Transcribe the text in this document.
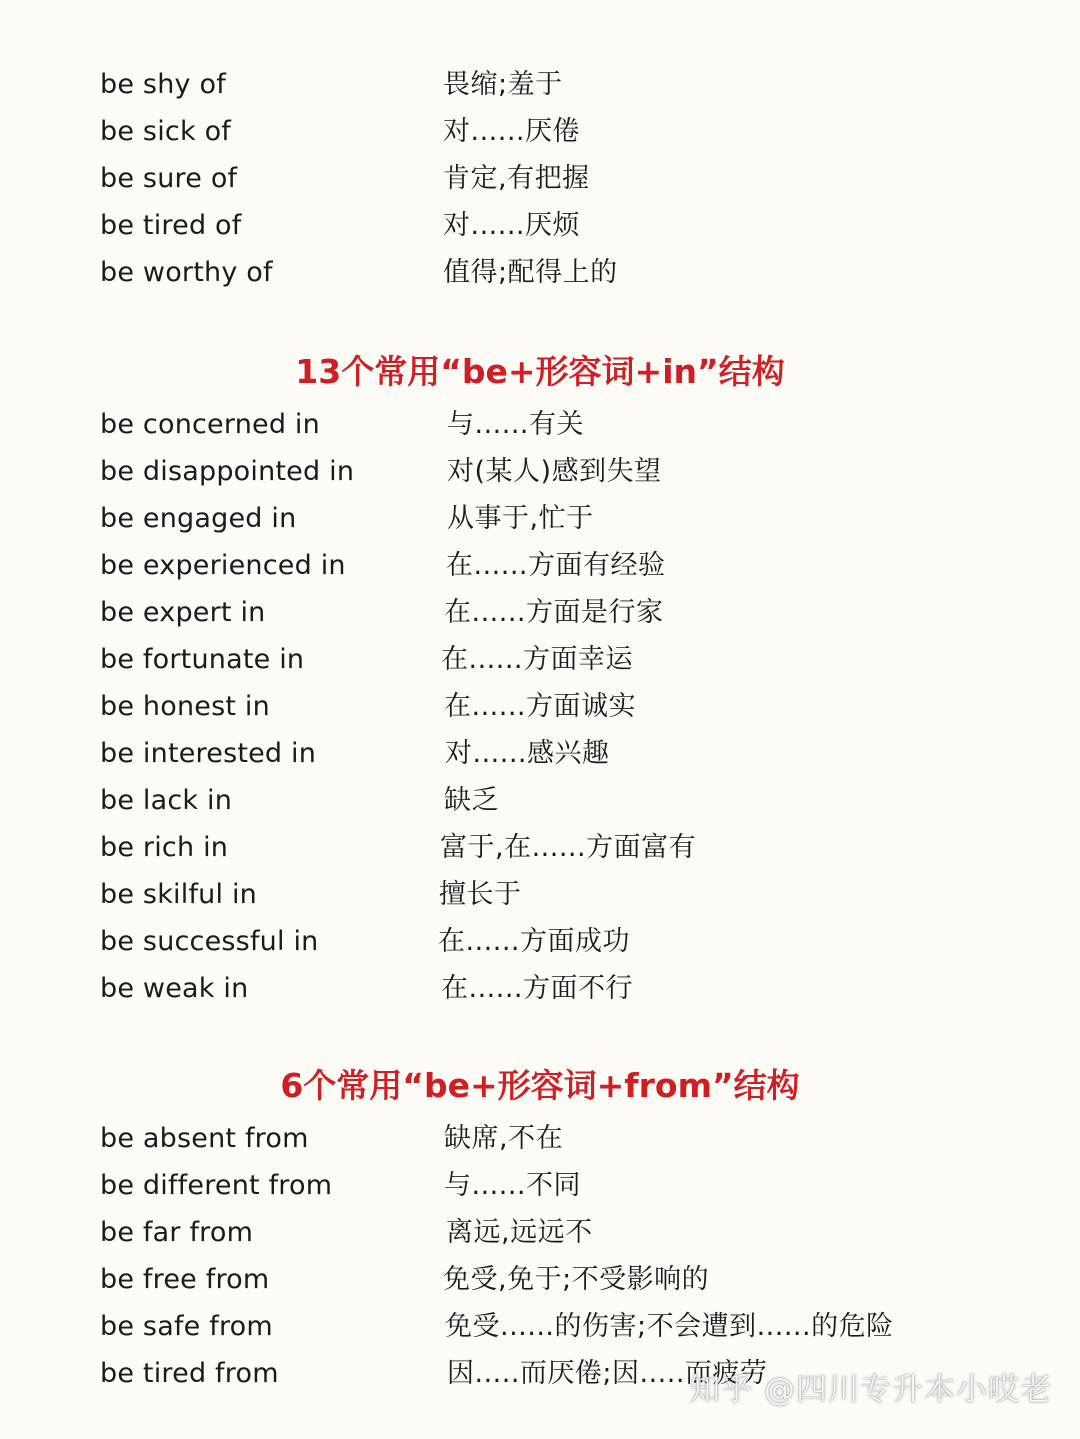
be shy of	畏缩;羞于
be sick of	对......厌倦
be sure of	肯定,有把握
be tired of	对......厌烦
be worthy of	值得;配得上的
13个常用“be+形容词+in”结构
be concerned in	与......有关
be disappointed in	对(某人)感到失望
be engaged in	从事于,忙于
be experienced in	在......方面有经验
be expert in	在......方面是行家
be fortunate in	在......方面幸运
be honest in	在......方面诚实
be interested in	对......感兴趣
be lack in	缺乏
be rich in	富于,在......方面富有
be skilful in	擅长于
be successful in	在......方面成功
be weak in	在......方面不行
6个常用“be+形容词+from”结构
be absent from	缺席,不在
be different from	与......不同
be far from	离远,远远不
be free from	免受,免于;不受影响的
be safe from	免受......的伤害;不会遭到......的危险
be tired from	因.....而厌倦;因.....而疲劳
知乎 @四川专升本小哎老
